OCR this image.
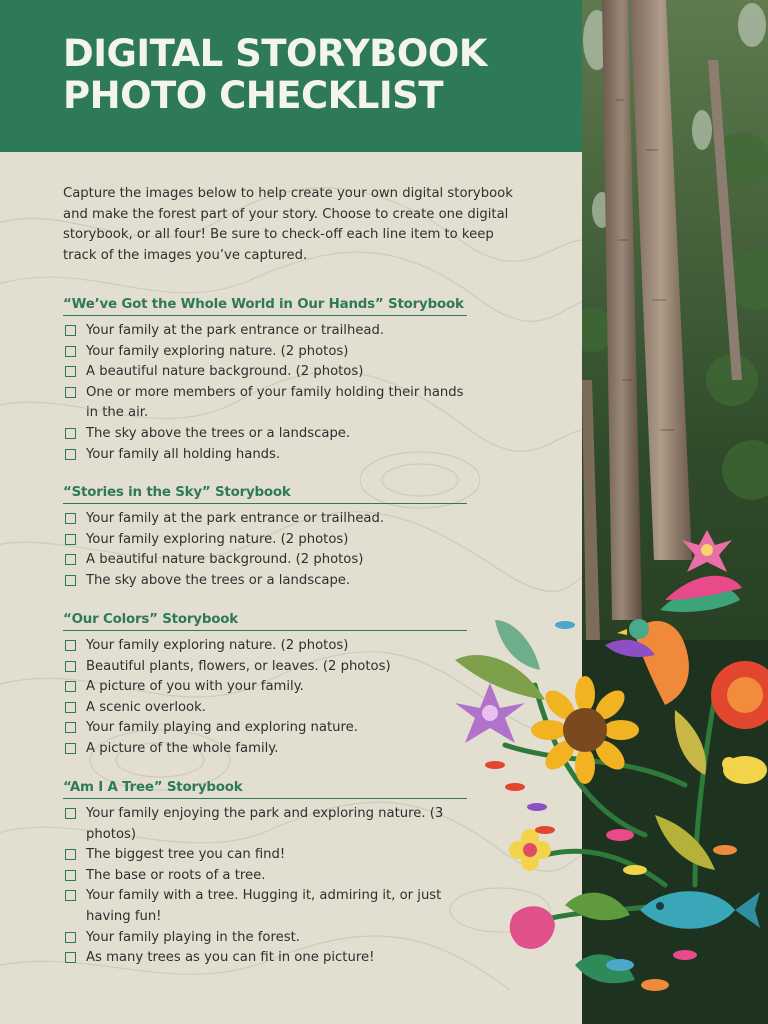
DIGITAL STORYBOOK PHOTO CHECKLIST
Capture the images below to help create your own digital storybook and make the forest part of your story. Choose to create one digital storybook, or all four! Be sure to check-off each line item to keep track of the images you’ve captured.
“We’ve Got the Whole World in Our Hands” Storybook
Your family at the park entrance or trailhead.
Your family exploring nature. (2 photos)
A beautiful nature background. (2 photos)
One or more members of your family holding their hands in the air.
The sky above the trees or a landscape.
Your family all holding hands.
“Stories in the Sky” Storybook
Your family at the park entrance or trailhead.
Your family exploring nature. (2 photos)
A beautiful nature background. (2 photos)
The sky above the trees or a landscape.
“Our Colors” Storybook
Your family exploring nature. (2 photos)
Beautiful plants, flowers, or leaves. (2 photos)
A picture of you with your family.
A scenic overlook.
Your family playing and exploring nature.
A picture of the whole family.
“Am I A Tree” Storybook
Your family enjoying the park and exploring nature. (3 photos)
The biggest tree you can find!
The base or roots of a tree.
Your family with a tree. Hugging it, admiring it, or just having fun!
Your family playing in the forest.
As many trees as you can fit in one picture!
